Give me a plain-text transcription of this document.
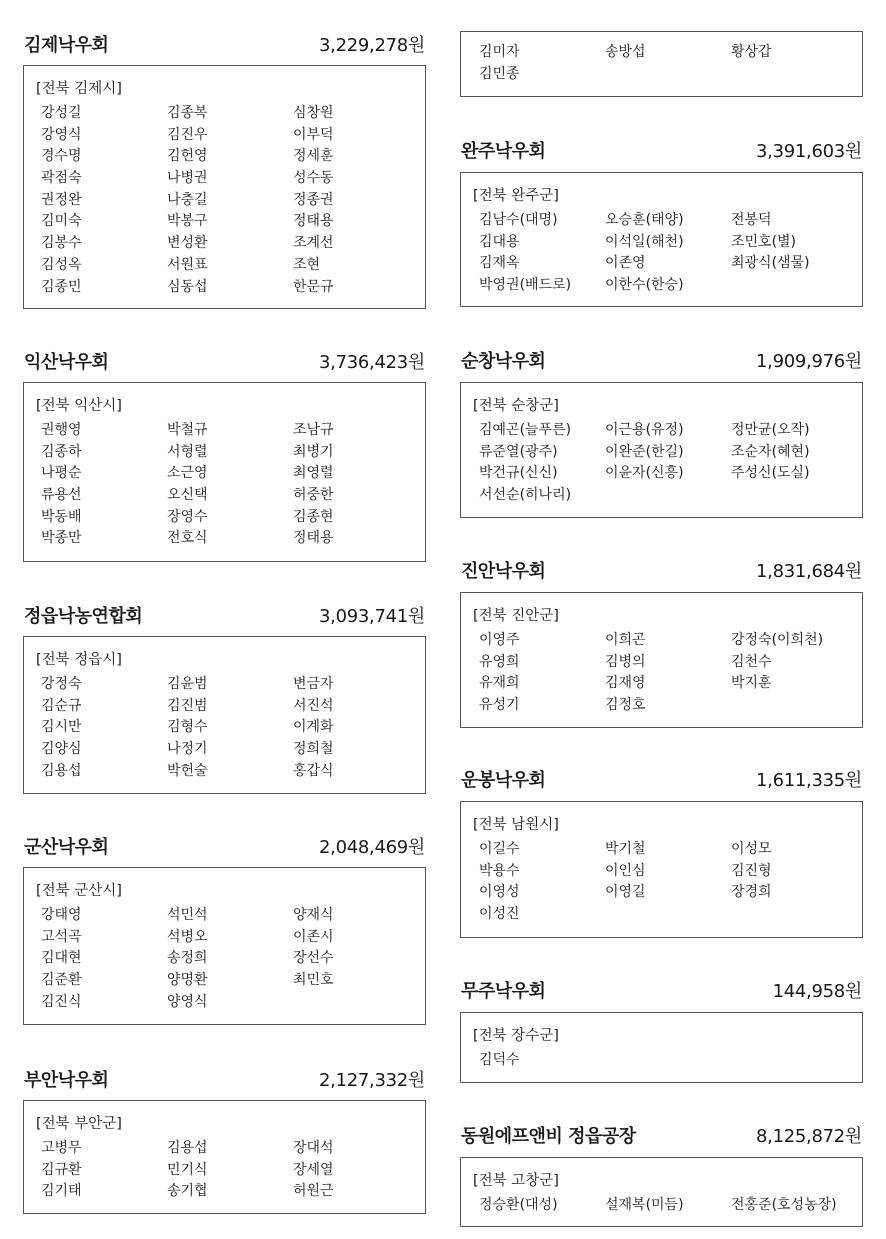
김제낙우회	3,229,278원
[전북 김제시]
강성길	김종복	심창원
강영식	김진우	이부덕
경수명	김헌영	정세훈
곽점숙	나병권	성수동
권정완	나충길	정종권
김미숙	박봉구	정태용
김봉수	변성환	조계선
김성옥	서원표	조현
김종민	심동섭	한문규
익산낙우회	3,736,423원
[전북 익산시]
권행영	박철규	조남규
김종하	서형렬	최병기
나평순	소근영	최영렬
류용선	오신택	허중한
박동배	장영수	김종현
박종만	전호식	정태용
정읍낙농연합회	3,093,741원
[전북 정읍시]
강정숙	김윤범	변금자
김순규	김진범	서진석
김시만	김형수	이계화
김양심	나정기	정희철
김용섭	박헌술	홍갑식
군산낙우회	2,048,469원
[전북 군산시]
강태영	석민석	양재식
고석곡	석병오	이존시
김대현	송정희	장선수
김준환	양명환	최민호
김진식	양영식
부안낙우회	2,127,332원
[전북 부안군]
고병무	김용섭	장대석
김규환	민기식	장세열
김기태	송기협	허원근
김미자	송방섭	황상갑
김민종
완주낙우회	3,391,603원
[전북 완주군]
김남수(대명)	오승훈(태양)	전봉덕
김대용	이석일(해천)	조민호(별)
김재옥	이존영	최광식(샘물)
박영권(배드로)	이한수(한승)
순창낙우회	1,909,976원
[전북 순창군]
김예곤(늘푸른)	이근용(유정)	정만균(오작)
류준열(광주)	이완준(한길)	조순자(혜현)
박건규(신신)	이윤자(신흥)	주성신(도실)
서선순(히나리)
진안낙우회	1,831,684원
[전북 진안군]
이영주	이희곤	강정숙(이희천)
유영희	김병의	김천수
유재희	김재영	박지훈
유성기	김정호
운봉낙우회	1,611,335원
[전북 남원시]
이길수	박기철	이성모
박용수	이인심	김진형
이영성	이영길	장경희
이성진
무주낙우회	144,958원
[전북 장수군]
김덕수
동원에프앤비 정읍공장	8,125,872원
[전북 고창군]
정승환(대성)	설재복(미듬)	전홍준(호성농장)
